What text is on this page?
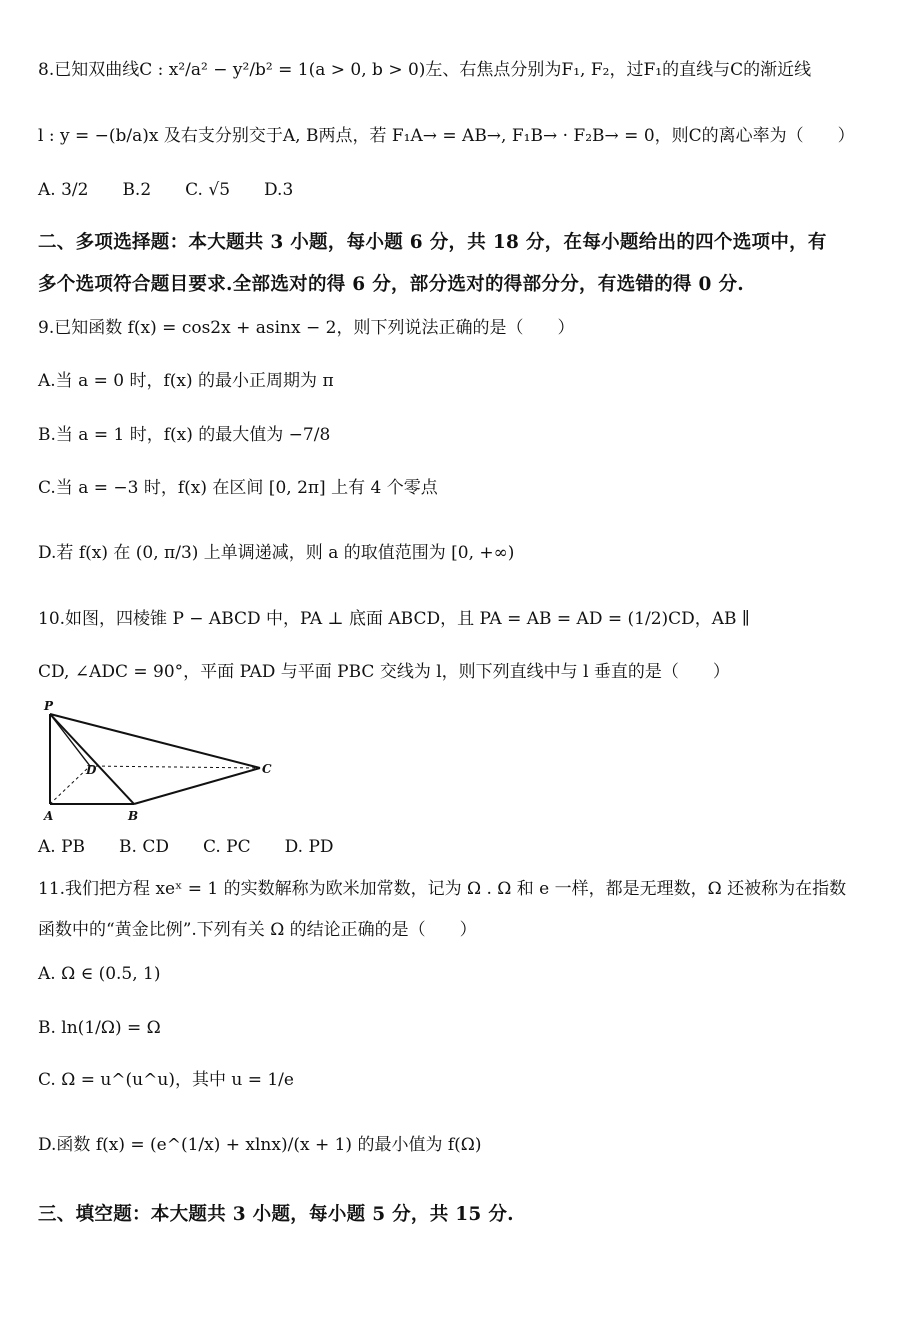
8.已知双曲线C : x²/a² − y²/b² = 1(a > 0, b > 0)左、右焦点分别为F₁, F₂，过F₁的直线与C的渐近线
l : y = −(b/a)x 及右支分别交于A, B两点，若 F₁A→ = AB→, F₁B→ · F₂B→ = 0，则C的离心率为（　　）
A. 3/2　　B.2　　C. √5　　D.3
二、多项选择题：本大题共 3 小题，每小题 6 分，共 18 分，在每小题给出的四个选项中，有
多个选项符合题目要求.全部选对的得 6 分，部分选对的得部分分，有选错的得 0 分.
9.已知函数 f(x) = cos2x + asinx − 2，则下列说法正确的是（　　）
A.当 a = 0 时，f(x) 的最小正周期为 π
B.当 a = 1 时，f(x) 的最大值为 −7/8
C.当 a = −3 时，f(x) 在区间 [0, 2π] 上有 4 个零点
D.若 f(x) 在 (0, π/3) 上单调递减，则 a 的取值范围为 [0, +∞)
10.如图，四棱锥 P − ABCD 中，PA ⊥ 底面 ABCD，且 PA = AB = AD = (1/2)CD，AB ∥
CD, ∠ADC = 90°，平面 PAD 与平面 PBC 交线为 l，则下列直线中与 l 垂直的是（　　）
P
D	C
A	B
A. PB　　B. CD　　C. PC　　D. PD
11.我们把方程 xeˣ = 1 的实数解称为欧米加常数，记为 Ω . Ω 和 e 一样，都是无理数，Ω 还被称为在指数
函数中的“黄金比例”.下列有关 Ω 的结论正确的是（　　）
A. Ω ∈ (0.5, 1)
B. ln(1/Ω) = Ω
C. Ω = u^(u^u)，其中 u = 1/e
D.函数 f(x) = (e^(1/x) + xlnx)/(x + 1) 的最小值为 f(Ω)
三、填空题：本大题共 3 小题，每小题 5 分，共 15 分.
